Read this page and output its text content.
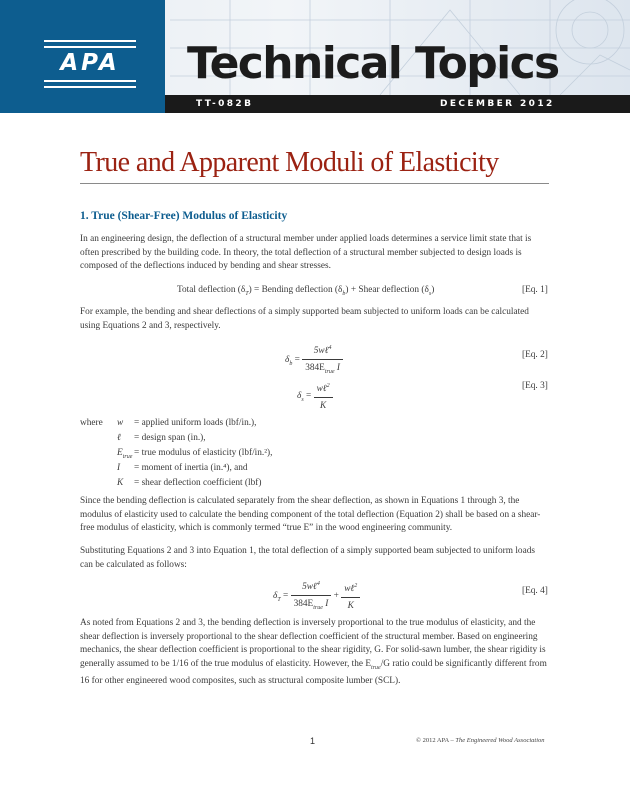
APA	Technical Topics
TT-082B	DECEMBER 2012
True and Apparent Moduli of Elasticity
1. True (Shear-Free) Modulus of Elasticity
In an engineering design, the deflection of a structural member under applied loads determines a service limit state that is often prescribed by the building code. In theory, the total deflection of a structural member subjected to design loads is composed of the deflections induced by bending and shear stresses.
Total deflection $(\delta_T)$ = Bending deflection $(\delta_b)$ + Shear deflection $(\delta_s)$	[Eq. 1]
For example, the bending and shear deflections of a simply supported beam subjected to uniform loads can be calculated using Equations 2 and 3, respectively.
$\delta_b = \frac{5w\ell^4}{384E_{true} I}$	[Eq. 2]
$\delta_s = \frac{w\ell^2}{K}$	[Eq. 3]
where w = applied uniform loads (lbf/in.),
ℓ = design span (in.),
$E_{true}$ = true modulus of elasticity (lbf/in.²),
I = moment of inertia (in.⁴), and
K = shear deflection coefficient (lbf)
Since the bending deflection is calculated separately from the shear deflection, as shown in Equations 1 through 3, the modulus of elasticity used to calculate the bending component of the total deflection (Equation 2) shall be based on a shear-free modulus of elasticity, which is commonly termed “true E” in the wood engineering community.
Substituting Equations 2 and 3 into Equation 1, the total deflection of a simply supported beam subjected to uniform loads can be calculated as follows:
$\delta_T = \frac{5w\ell^4}{384E_{true} I} + \frac{w\ell^2}{K}$	[Eq. 4]
As noted from Equations 2 and 3, the bending deflection is inversely proportional to the true modulus of elasticity, and the shear deflection is inversely proportional to the shear deflection coefficient of the structural member. Based on engineering mechanics, the shear deflection coefficient is proportional to the shear rigidity, G. For solid-sawn lumber, the shear rigidity is generally assumed to be 1/16 of the true modulus of elasticity. However, the $E_{true}/G$ ratio could be significantly different from 16 for other engineered wood composites, such as structural composite lumber (SCL).
1	© 2012 APA – The Engineered Wood Association
